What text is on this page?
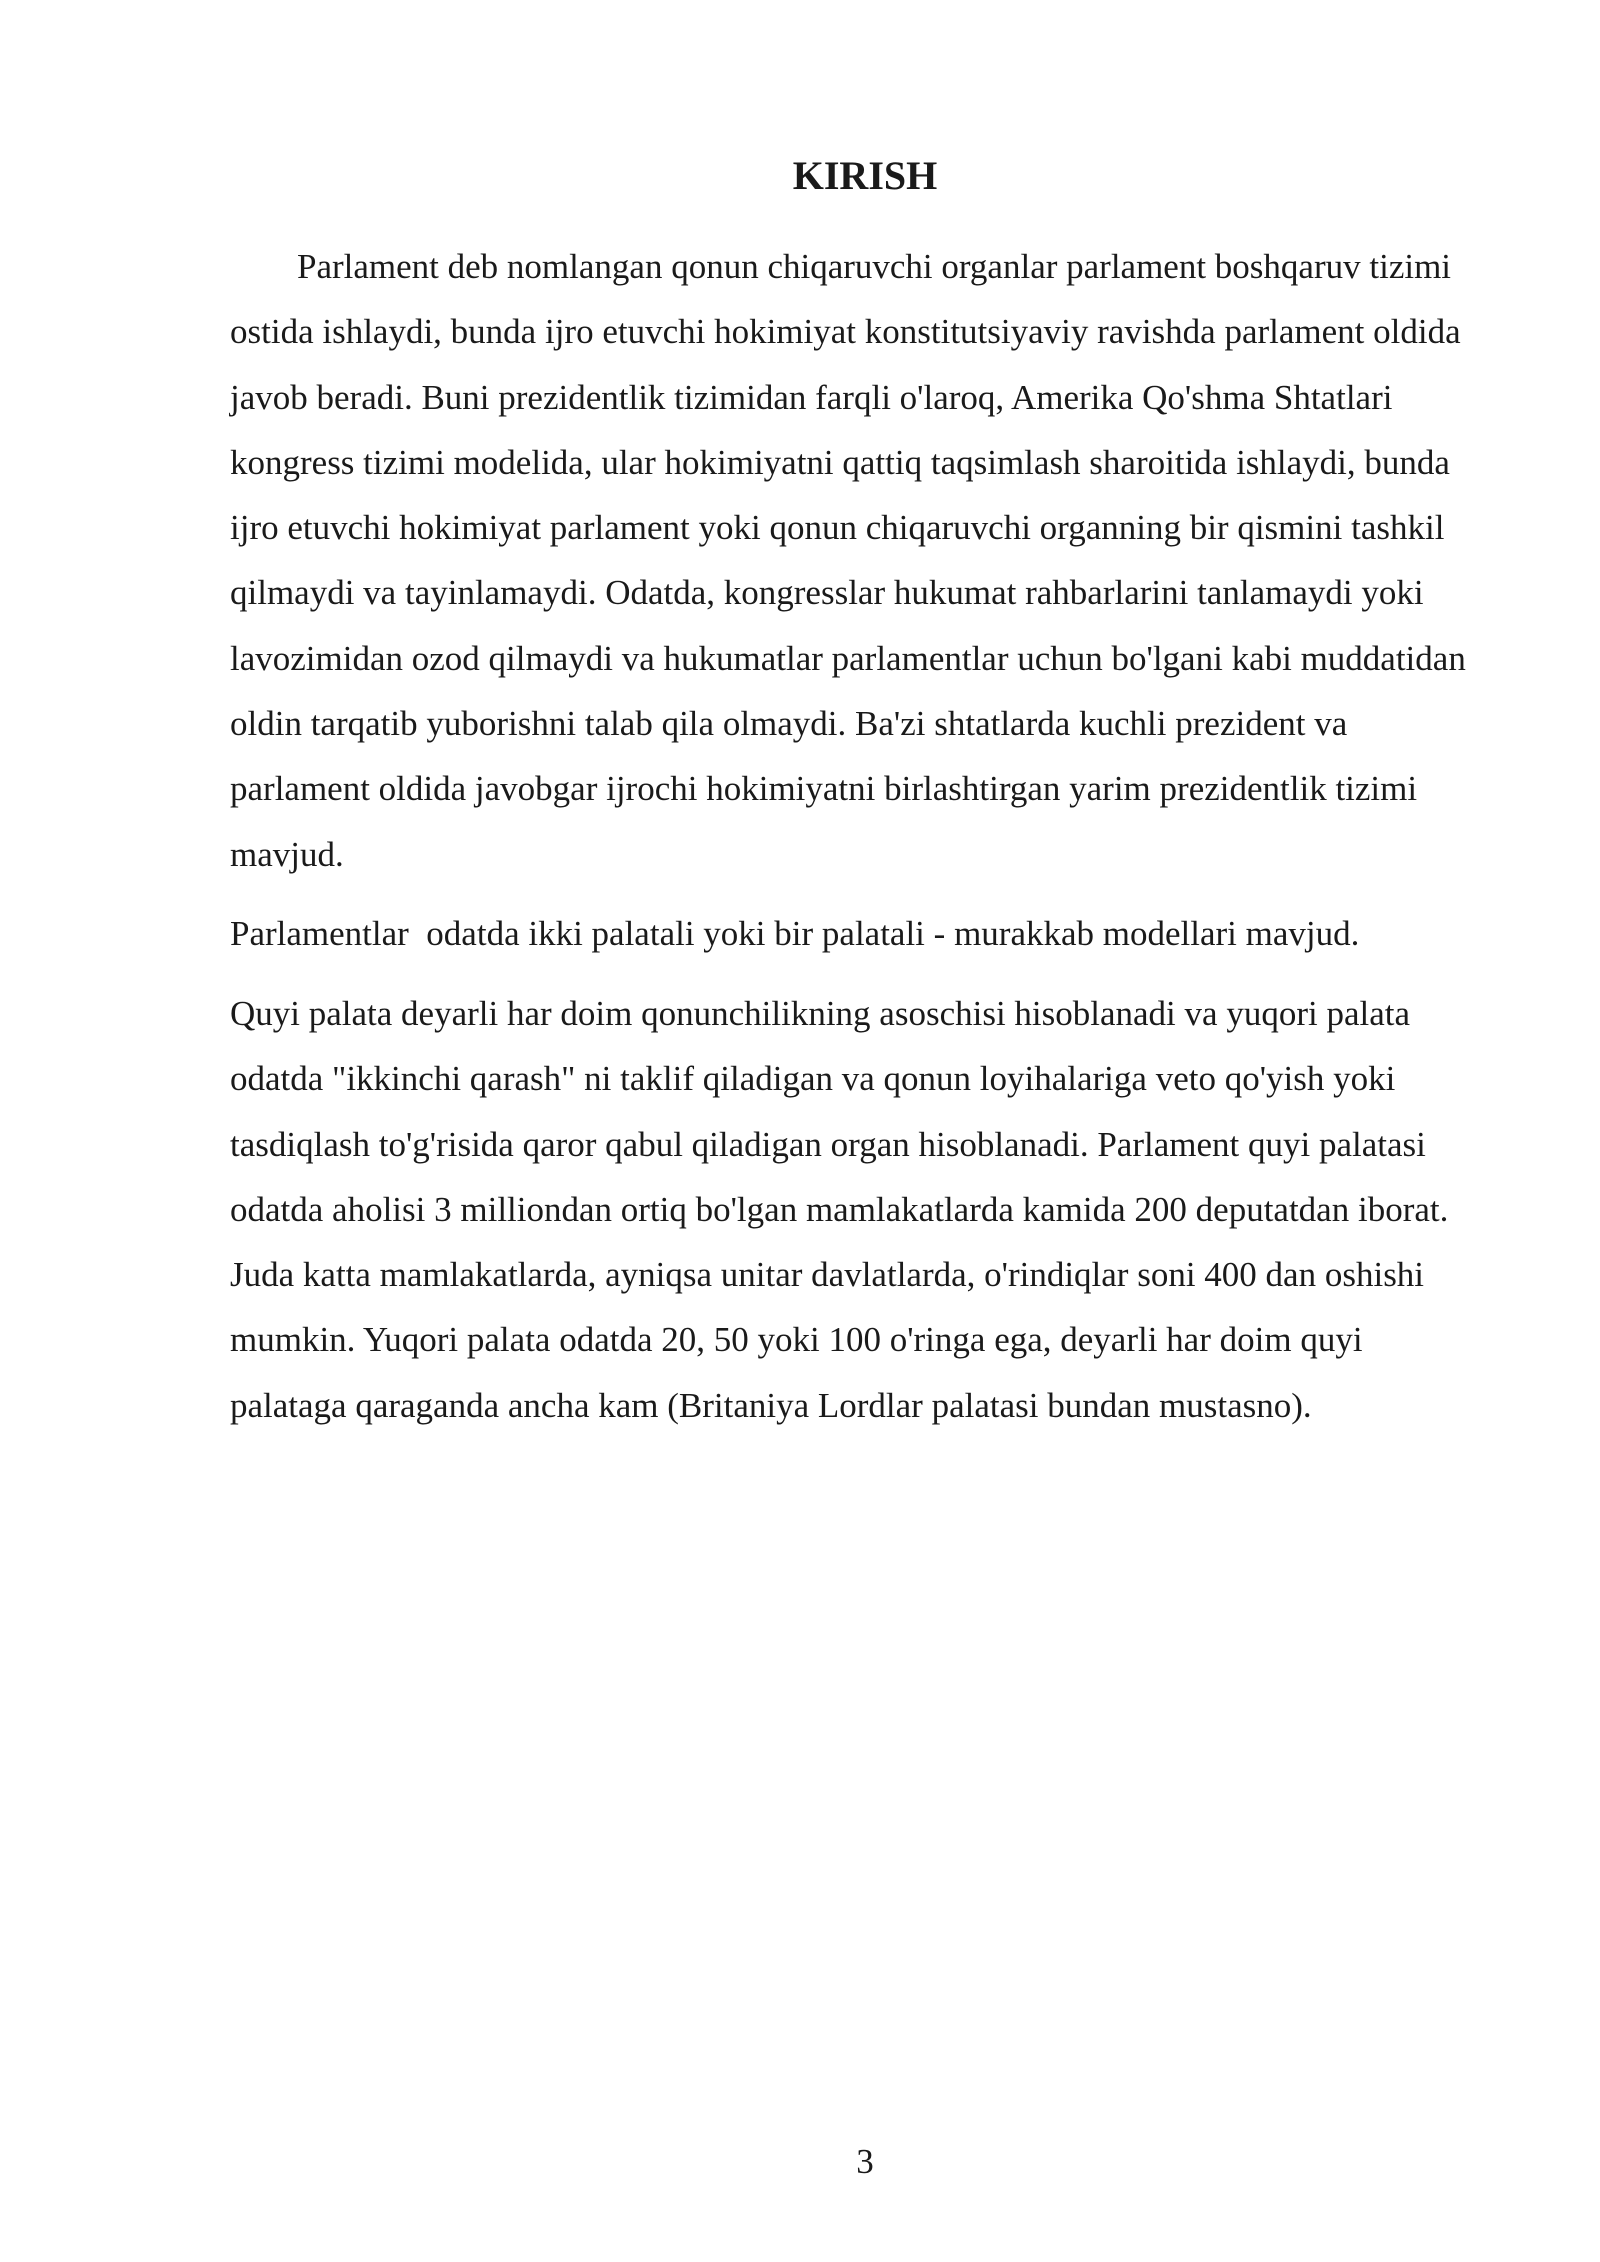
KIRISH

Parlament deb nomlangan qonun chiqaruvchi organlar parlament boshqaruv tizimi ostida ishlaydi, bunda ijro etuvchi hokimiyat konstitutsiyaviy ravishda parlament oldida javob beradi. Buni prezidentlik tizimidan farqli o'laroq, Amerika Qo'shma Shtatlari kongress tizimi modelida, ular hokimiyatni qattiq taqsimlash sharoitida ishlaydi, bunda ijro etuvchi hokimiyat parlament yoki qonun chiqaruvchi organning bir qismini tashkil qilmaydi va tayinlamaydi. Odatda, kongresslar hukumat rahbarlarini tanlamaydi yoki lavozimidan ozod qilmaydi va hukumatlar parlamentlar uchun bo'lgani kabi muddatidan oldin tarqatib yuborishni talab qila olmaydi. Ba'zi shtatlarda kuchli prezident va parlament oldida javobgar ijrochi hokimiyatni birlashtirgan yarim prezidentlik tizimi mavjud.

Parlamentlar  odatda ikki palatali yoki bir palatali - murakkab modellari mavjud.

Quyi palata deyarli har doim qonunchilikning asoschisi hisoblanadi va yuqori palata odatda "ikkinchi qarash" ni taklif qiladigan va qonun loyihalariga veto qo'yish yoki tasdiqlash to'g'risida qaror qabul qiladigan organ hisoblanadi. Parlament quyi palatasi odatda aholisi 3 milliondan ortiq bo'lgan mamlakatlarda kamida 200 deputatdan iborat. Juda katta mamlakatlarda, ayniqsa unitar davlatlarda, o'rindiqlar soni 400 dan oshishi mumkin. Yuqori palata odatda 20, 50 yoki 100 o'ringa ega, deyarli har doim quyi palataga qaraganda ancha kam (Britaniya Lordlar palatasi bundan mustasno).

3
